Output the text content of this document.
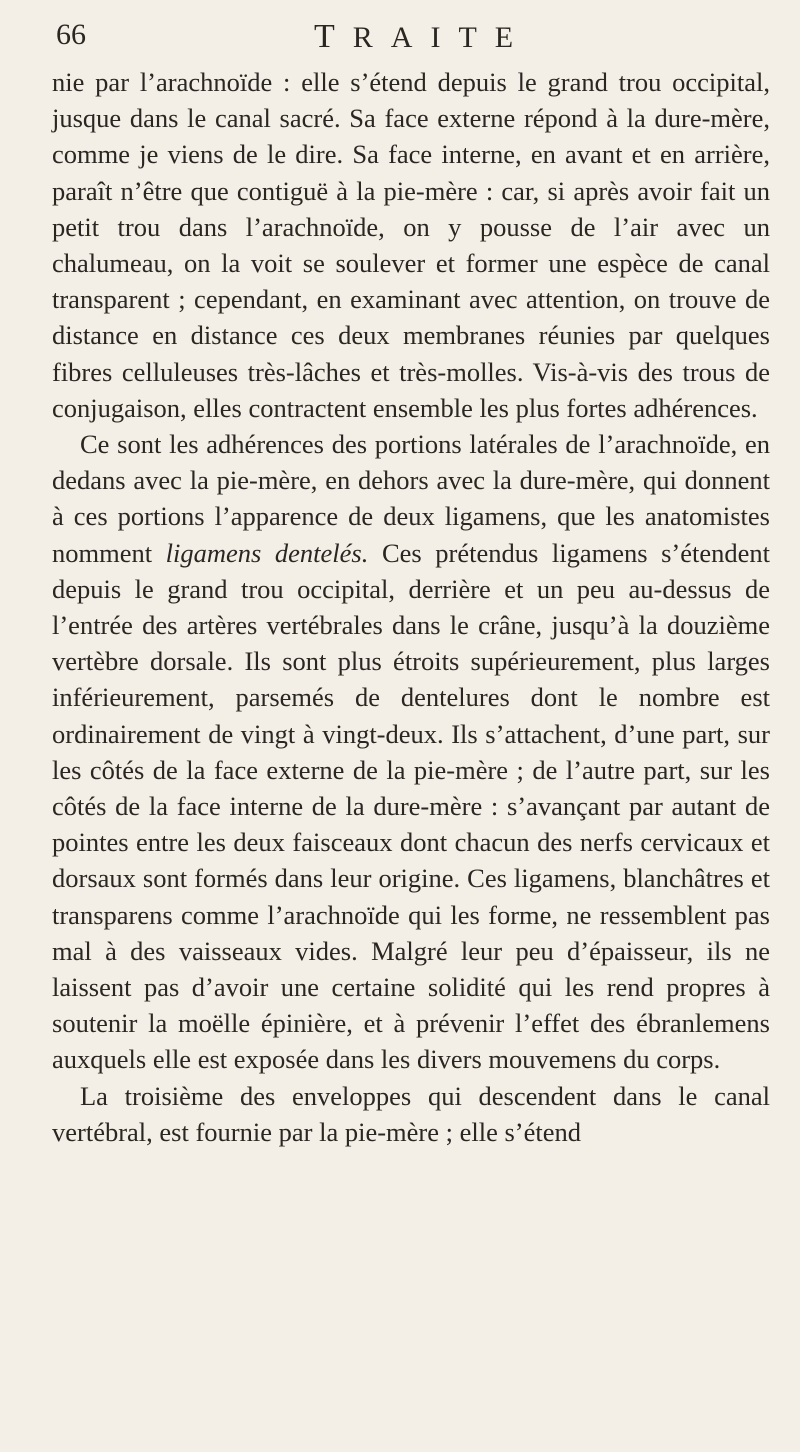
66	TRAITE

nie par l’arachnoïde : elle s’étend depuis le grand trou occipital, jusque dans le canal sacré. Sa face externe répond à la dure-mère, comme je viens de le dire. Sa face interne, en avant et en arrière, paraît n’être que contiguë à la pie-mère : car, si après avoir fait un petit trou dans l’arachnoïde, on y pousse de l’air avec un chalumeau, on la voit se soulever et former une espèce de canal transparent ; cependant, en examinant avec attention, on trouve de distance en distance ces deux membranes réunies par quelques fibres celluleuses très-lâches et très-molles. Vis-à-vis des trous de conjugaison, elles contractent ensemble les plus fortes adhérences.

Ce sont les adhérences des portions latérales de l’arachnoïde, en dedans avec la pie-mère, en dehors avec la dure-mère, qui donnent à ces portions l’apparence de deux ligamens, que les anatomistes nomment ligamens dentelés. Ces prétendus ligamens s’étendent depuis le grand trou occipital, derrière et un peu au-dessus de l’entrée des artères vertébrales dans le crâne, jusqu’à la douzième vertèbre dorsale. Ils sont plus étroits supérieurement, plus larges inférieurement, parsemés de dentelures dont le nombre est ordinairement de vingt à vingt-deux. Ils s’attachent, d’une part, sur les côtés de la face externe de la pie-mère ; de l’autre part, sur les côtés de la face interne de la dure-mère : s’avançant par autant de pointes entre les deux faisceaux dont chacun des nerfs cervicaux et dorsaux sont formés dans leur origine. Ces ligamens, blanchâtres et transparens comme l’arachnoïde qui les forme, ne ressemblent pas mal à des vaisseaux vides. Malgré leur peu d’épaisseur, ils ne laissent pas d’avoir une certaine solidité qui les rend propres à soutenir la moëlle épinière, et à prévenir l’effet des ébranlemens auxquels elle est exposée dans les divers mouvemens du corps.

La troisième des enveloppes qui descendent dans le canal vertébral, est fournie par la pie-mère ; elle s’étend
